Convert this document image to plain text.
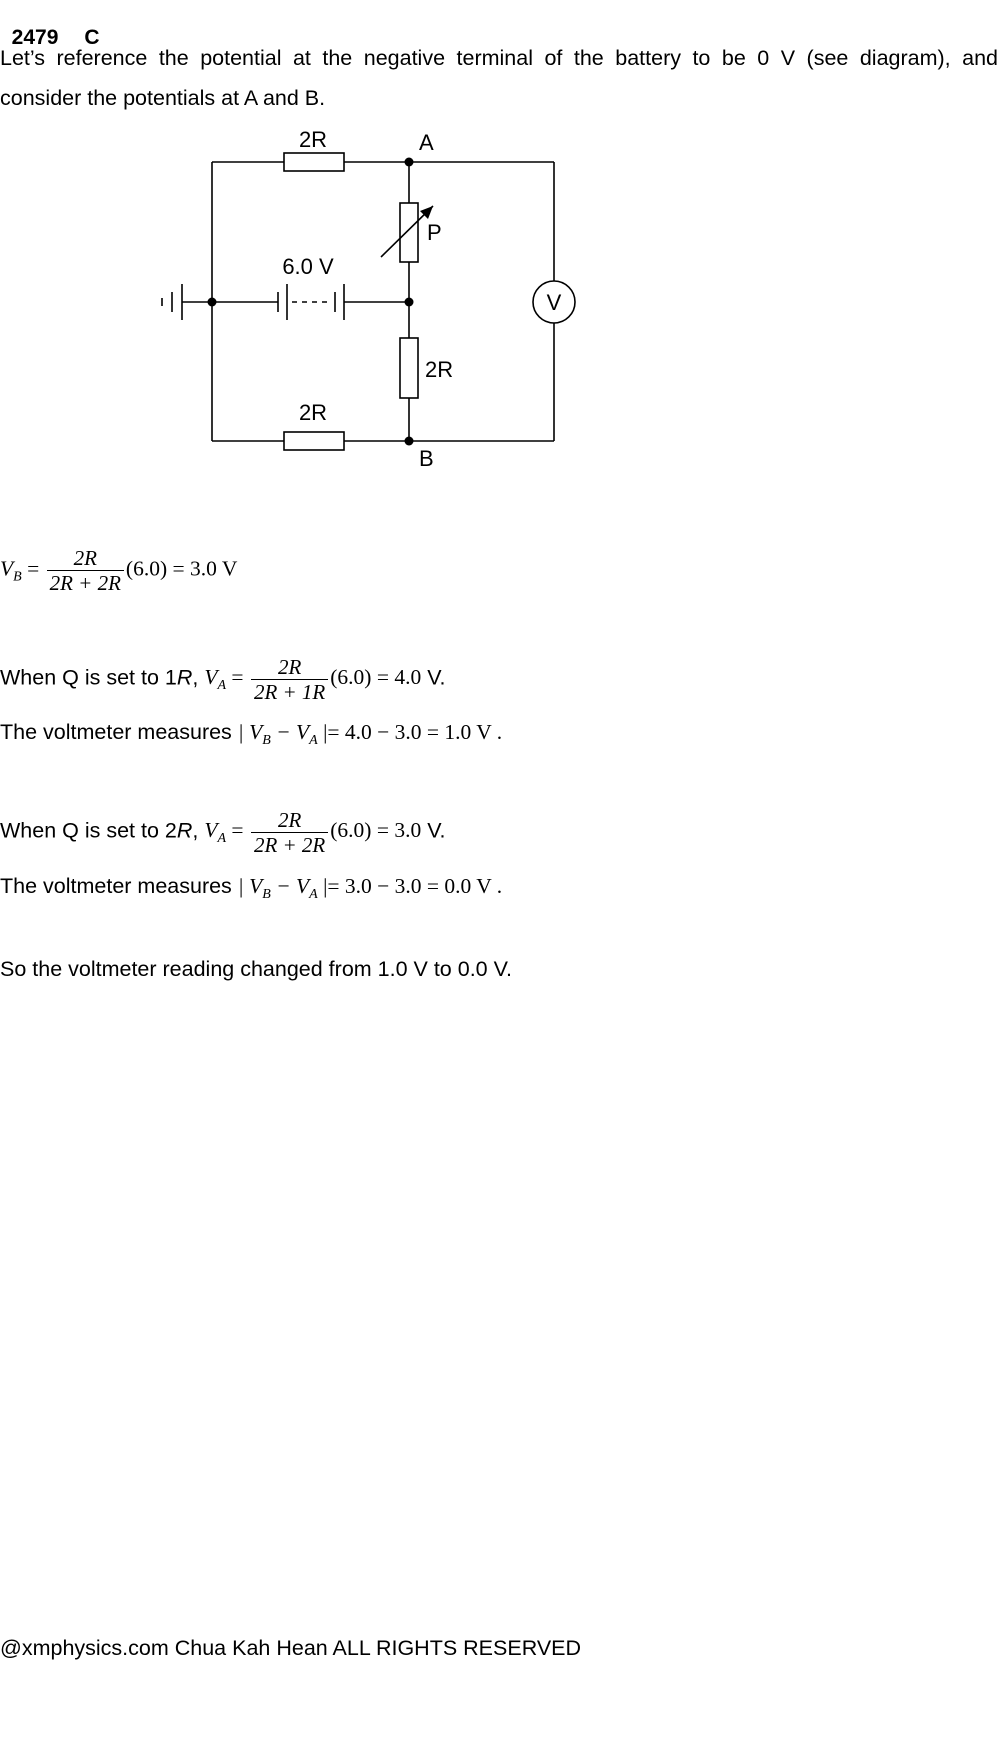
2479 C

Let’s reference the potential at the negative terminal of the battery to be 0 V (see diagram), and
consider the potentials at A and B.
2R	A
P
6.0 V
V
2R
2R
B
$V_B = \frac{2R}{2R + 2R} (6.0) = 3.0$ V
When Q is set to 1R, $V_A = \frac{2R}{2R + 1R} (6.0) = 4.0$ V.
The voltmeter measures | $V_B - V_A$ |= 4.0 − 3.0 = 1.0 V .
When Q is set to 2R, $V_A = \frac{2R}{2R + 2R} (6.0) = 3.0$ V.
The voltmeter measures | $V_B - V_A$ |= 3.0 − 3.0 = 0.0 V .
So the voltmeter reading changed from 1.0 V to 0.0 V.
@xmphysics.com Chua Kah Hean ALL RIGHTS RESERVED
